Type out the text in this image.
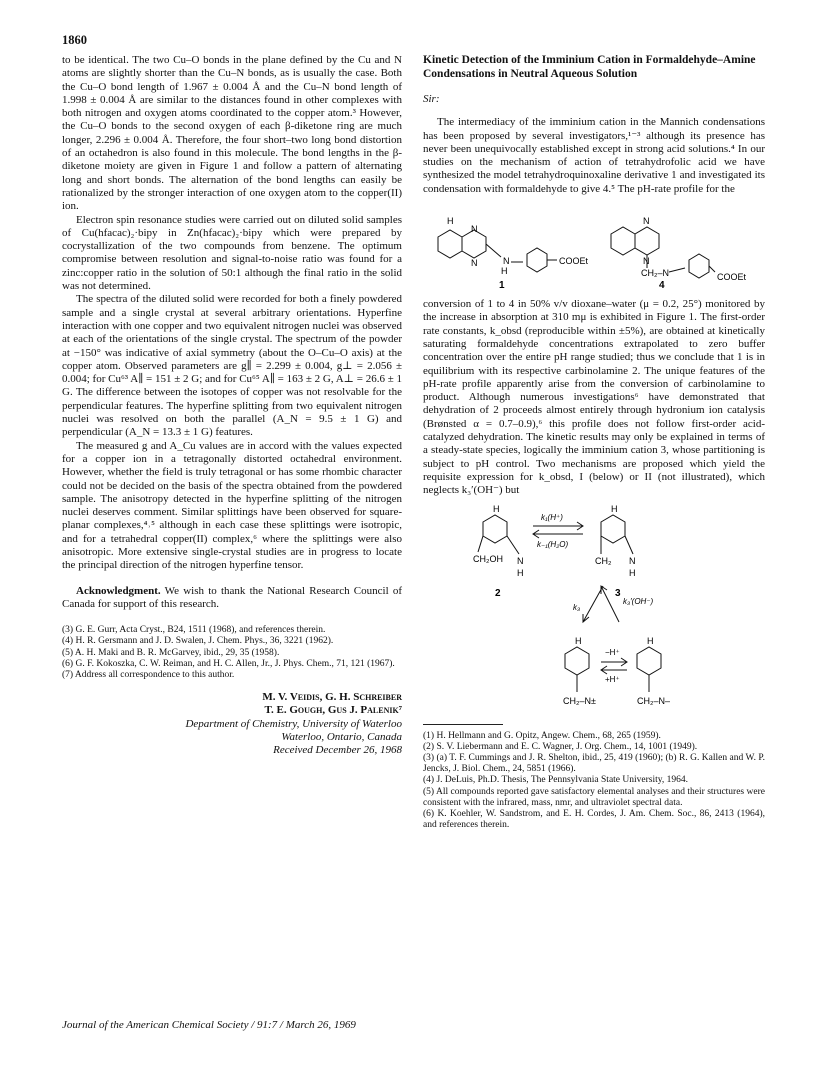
1860

to be identical. The two Cu–O bonds in the plane defined by the Cu and N atoms are slightly shorter than the Cu–N bonds, as is usually the case. Both the Cu–O bond length of 1.967 ± 0.004 Å and the Cu–N bond length of 1.998 ± 0.004 Å are similar to the distances found in other complexes with both nitrogen and oxygen atoms coordinated to the copper atom.³ However, the Cu–O bonds to the second oxygen of each β-diketone ring are much longer, 2.296 ± 0.004 Å. Therefore, the four short–two long bond distortion of an octahedron is also found in this molecule. The bond lengths in the β-diketone moiety are given in Figure 1 and follow a pattern of alternating long and short bonds. The alternation of the bond lengths can easily be rationalized by the stronger interaction of one oxygen atom to the copper(II) ion.

Electron spin resonance studies were carried out on diluted solid samples of Cu(hfacac)₂·bipy in Zn(hfacac)₂·bipy which were prepared by cocrystallization of the two compounds from benzene. The optimum compromise between resolution and signal-to-noise ratio was found for a zinc:copper ratio in the solution of 50:1 although the final ratio in the solid was not determined.

The spectra of the diluted solid were recorded for both a finely powdered sample and a single crystal at several arbitrary orientations. Hyperfine interaction with one copper and two equivalent nitrogen nuclei was observed at each of the orientations of the single crystal. The spectrum of the powder at −150° was indicative of axial symmetry (about the O–Cu–O axis) at the copper atom. Observed parameters are g∥ = 2.299 ± 0.004, g⊥ = 2.056 ± 0.004; for Cu⁶³ A∥ = 151 ± 2 G; and for Cu⁶⁵ A∥ = 163 ± 2 G, A⊥ = 26.6 ± 1 G. The difference between the isotopes of copper was not resolvable for the perpendicular features. The hyperfine splitting from two equivalent nitrogen nuclei was resolved on both the parallel (A_N = 9.5 ± 1 G) and perpendicular (A_N = 13.3 ± 1 G) features.

The measured g and A_Cu values are in accord with the values expected for a copper ion in a tetragonally distorted octahedral environment. However, whether the field is truly tetragonal or has some rhombic character could not be decided on the basis of the spectra obtained from the powdered sample. The anisotropy detected in the hyperfine splitting of the nitrogen nuclei deserves comment. Similar splittings have been observed for square-planar complexes,⁴˒⁵ although in each case these splittings were isotropic, and for a tetrahedral copper(II) complex,⁶ where the splittings were also anisotropic. More extensive single-crystal studies are in progress to locate the principal direction of the nitrogen hyperfine tensor.

Acknowledgment. We wish to thank the National Research Council of Canada for support of this research.

(3) G. E. Gurr, Acta Cryst., B24, 1511 (1968), and references therein.
(4) H. R. Gersmann and J. D. Swalen, J. Chem. Phys., 36, 3221 (1962).
(5) A. H. Maki and B. R. McGarvey, ibid., 29, 35 (1958).
(6) G. F. Kokoszka, C. W. Reiman, and H. C. Allen, Jr., J. Phys. Chem., 71, 121 (1967).
(7) Address all correspondence to this author.
M. V. Veidis, G. H. Schreiber
T. E. Gough, Gus J. Palenik⁷
Department of Chemistry, University of Waterloo
Waterloo, Ontario, Canada
Received December 26, 1968
Kinetic Detection of the Imminium Cation in Formaldehyde–Amine Condensations in Neutral Aqueous Solution
Sir:

The intermediacy of the imminium cation in the Mannich condensations has been proposed by several investigators,¹⁻³ although its presence has never been unequivocally established except in strong acid solutions.⁴ In our studies on the mechanism of action of tetrahydrofolic acid we have synthesized the model tetrahydroquinoxaline derivative 1 and investigated its condensation with formaldehyde to give 4.⁵ The pH-rate profile for the

H
N
N	N
H
COOEt
1
N
N
CH₂–N	COOEt
4

conversion of 1 to 4 in 50% v/v dioxane–water (μ = 0.2, 25°) monitored by the increase in absorption at 310 mμ is exhibited in Figure 1. The first-order rate constants, k_obsd (reproducible within ±5%), are obtained at kinetically saturating formaldehyde concentrations extrapolated to zero buffer concentration over the entire pH range studied; thus we conclude that 1 is in equilibrium with its respective carbinolamine 2. The unique features of the pH-rate profile apparently arise from the conversion of carbinolamine to product. Although numerous investigations⁶ have demonstrated that dehydration of 2 proceeds almost entirely through hydronium ion catalysis (Brønsted α = 0.7–0.9),⁶ this profile does not follow first-order acid-catalyzed dehydration. The kinetic results may only be explained in terms of a steady-state species, logically the imminium cation 3, whose partitioning is subject to pH control. Two mechanisms are proposed which yield the requisite expression for k_obsd, I (below) or II (not illustrated), which neglects k₃′(OH⁻) but

H
CH₂OH N
H
2
k₁(H⁺)
k₋₁(H₂O)
H
CH₂ N
H
3
k₃
k₃′(OH⁻)
H
CH₂–N±
−H⁺
+H⁺
H
CH₂–N–
(1) H. Hellmann and G. Opitz, Angew. Chem., 68, 265 (1959).
(2) S. V. Liebermann and E. C. Wagner, J. Org. Chem., 14, 1001 (1949).
(3) (a) T. F. Cummings and J. R. Shelton, ibid., 25, 419 (1960); (b) R. G. Kallen and W. P. Jencks, J. Biol. Chem., 24, 5851 (1966).
(4) J. DeLuis, Ph.D. Thesis, The Pennsylvania State University, 1964.
(5) All compounds reported gave satisfactory elemental analyses and their structures were consistent with the infrared, mass, nmr, and ultraviolet spectral data.
(6) K. Koehler, W. Sandstrom, and E. H. Cordes, J. Am. Chem. Soc., 86, 2413 (1964), and references therein.
Journal of the American Chemical Society / 91:7 / March 26, 1969
